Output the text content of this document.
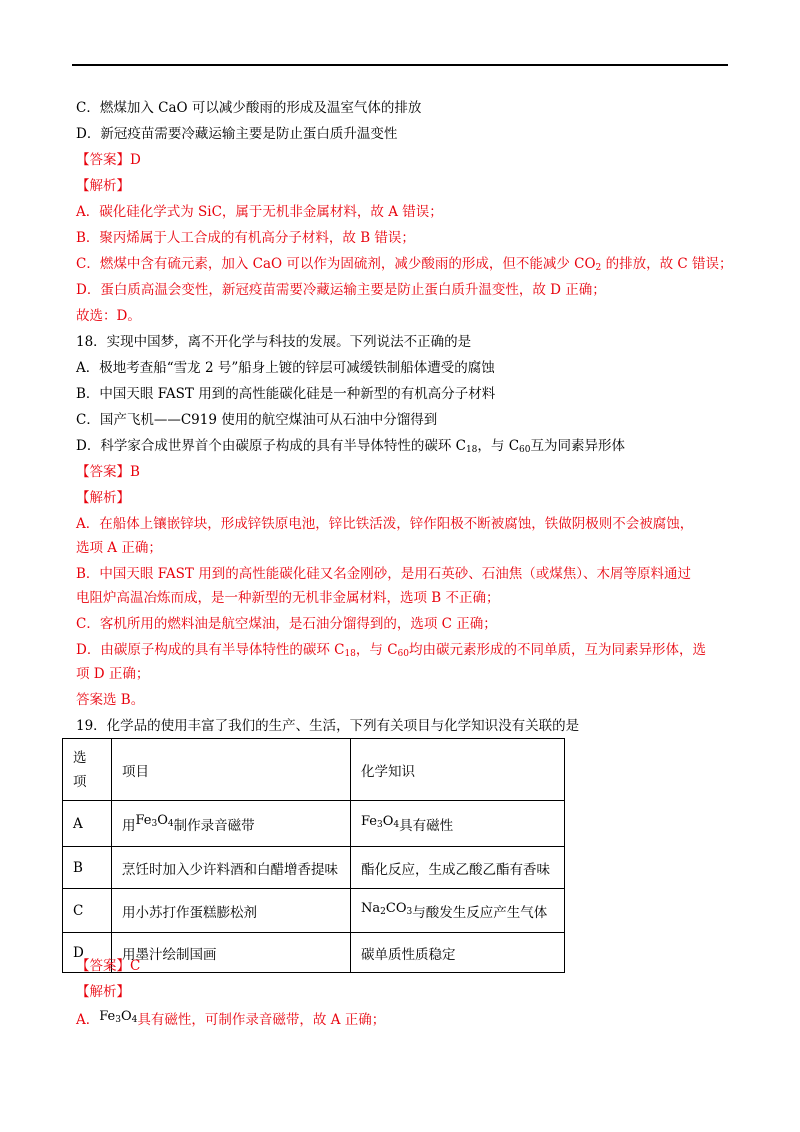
C．燃煤加入 CaO 可以减少酸雨的形成及温室气体的排放
D．新冠疫苗需要冷藏运输主要是防止蛋白质升温变性
【答案】D
【解析】
A．碳化硅化学式为 SiC，属于无机非金属材料，故 A 错误；
B．聚丙烯属于人工合成的有机高分子材料，故 B 错误；
C．燃煤中含有硫元素，加入 CaO 可以作为固硫剂，减少酸雨的形成，但不能减少 $CO_2$ 的排放，故 C 错误；
D．蛋白质高温会变性，新冠疫苗需要冷藏运输主要是防止蛋白质升温变性，故 D 正确；
故选：D。
18．实现中国梦，离不开化学与科技的发展。下列说法不正确的是
A．极地考查船“雪龙 2 号”船身上镀的锌层可减缓铁制船体遭受的腐蚀
B．中国天眼 FAST 用到的高性能碳化硅是一种新型的有机高分子材料
C．国产飞机——C919 使用的航空煤油可从石油中分馏得到
D．科学家合成世界首个由碳原子构成的具有半导体特性的碳环 $C_{18}$，与 $C_{60}$互为同素异形体
【答案】B
【解析】
A．在船体上镶嵌锌块，形成锌铁原电池，锌比铁活泼，锌作阳极不断被腐蚀，铁做阴极则不会被腐蚀，
选项 A 正确；
B．中国天眼 FAST 用到的高性能碳化硅又名金刚砂，是用石英砂、石油焦（或煤焦）、木屑等原料通过
电阻炉高温冶炼而成，是一种新型的无机非金属材料，选项 B 不正确；
C．客机所用的燃料油是航空煤油，是石油分馏得到的，选项 C 正确；
D．由碳原子构成的具有半导体特性的碳环 $C_{18}$，与 $C_{60}$均由碳元素形成的不同单质，互为同素异形体，选
项 D 正确；
答案选 B。
19．化学品的使用丰富了我们的生产、生活，下列有关项目与化学知识没有关联的是
选
项	项目	化学知识
A	用$Fe_3O_4$制作录音磁带	$Fe_3O_4$具有磁性
B	烹饪时加入少许料酒和白醋增香提味	酯化反应，生成乙酸乙酯有香味
C	用小苏打作蛋糕膨松剂	$Na_2CO_3$与酸发生反应产生气体
D	用墨汁绘制国画	碳单质性质稳定
【答案】C
【解析】
A．$Fe_3O_4$具有磁性，可制作录音磁带，故 A 正确；
